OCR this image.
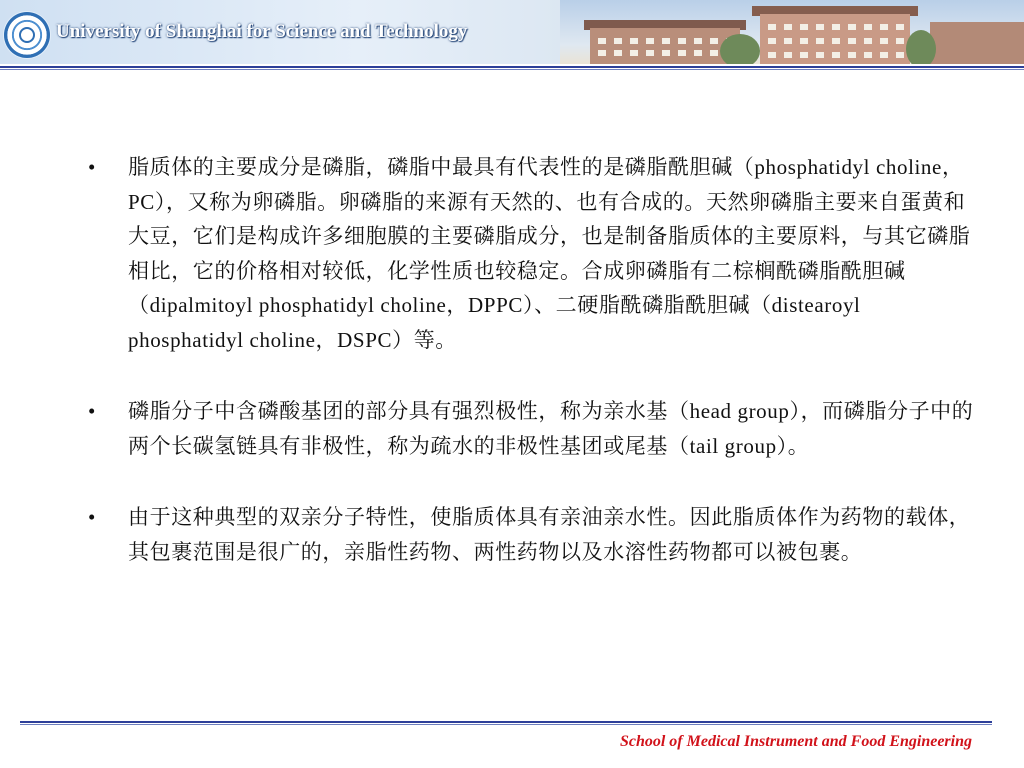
University of Shanghai for Science and Technology
• 脂质体的主要成分是磷脂，磷脂中最具有代表性的是磷脂酰胆碱（phosphatidyl choline，PC），又称为卵磷脂。卵磷脂的来源有天然的、也有合成的。天然卵磷脂主要来自蛋黄和大豆，它们是构成许多细胞膜的主要磷脂成分，也是制备脂质体的主要原料，与其它磷脂相比，它的价格相对较低，化学性质也较稳定。合成卵磷脂有二棕榈酰磷脂酰胆碱（dipalmitoyl phosphatidyl choline，DPPC）、二硬脂酰磷脂酰胆碱（distearoyl phosphatidyl choline，DSPC）等。
• 磷脂分子中含磷酸基团的部分具有强烈极性，称为亲水基（head group），而磷脂分子中的两个长碳氢链具有非极性，称为疏水的非极性基团或尾基（tail group）。
• 由于这种典型的双亲分子特性，使脂质体具有亲油亲水性。因此脂质体作为药物的载体，其包裹范围是很广的，亲脂性药物、两性药物以及水溶性药物都可以被包裹。
School of Medical Instrument and Food Engineering
